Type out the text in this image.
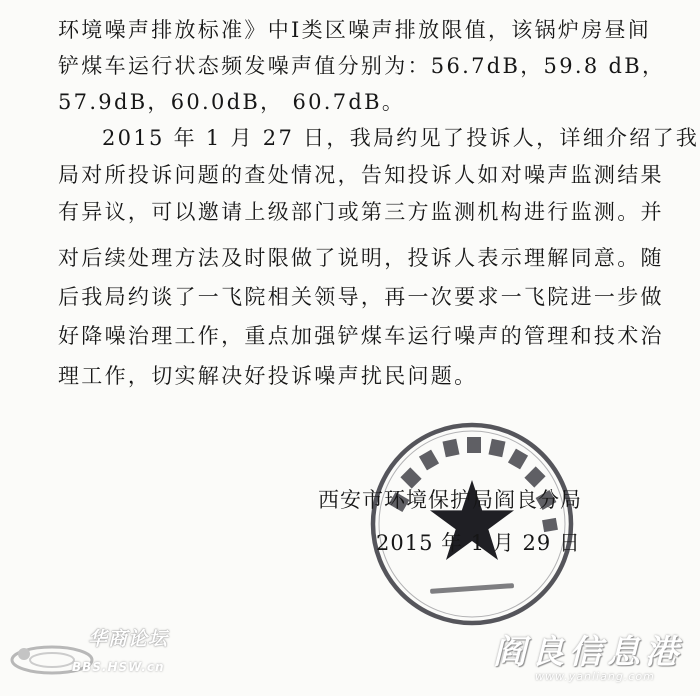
环境噪声排放标准》中Ⅰ类区噪声排放限值，该锅炉房昼间

铲煤车运行状态频发噪声值分别为：56.7dB，59.8 dB，

57.9dB，60.0dB， 60.7dB。

2015 年 1 月 27 日，我局约见了投诉人，详细介绍了我

局对所投诉问题的查处情况，告知投诉人如对噪声监测结果

有异议，可以邀请上级部门或第三方监测机构进行监测。并

对后续处理方法及时限做了说明，投诉人表示理解同意。随

后我局约谈了一飞院相关领导，再一次要求一飞院进一步做

好降噪治理工作，重点加强铲煤车运行噪声的管理和技术治

理工作，切实解决好投诉噪声扰民问题。

西安市环境保护局阎良分局

2015 年 1 月 29 日

华商论坛

BBS.HSW.cn	阎良信息港

www.yanliang.com
